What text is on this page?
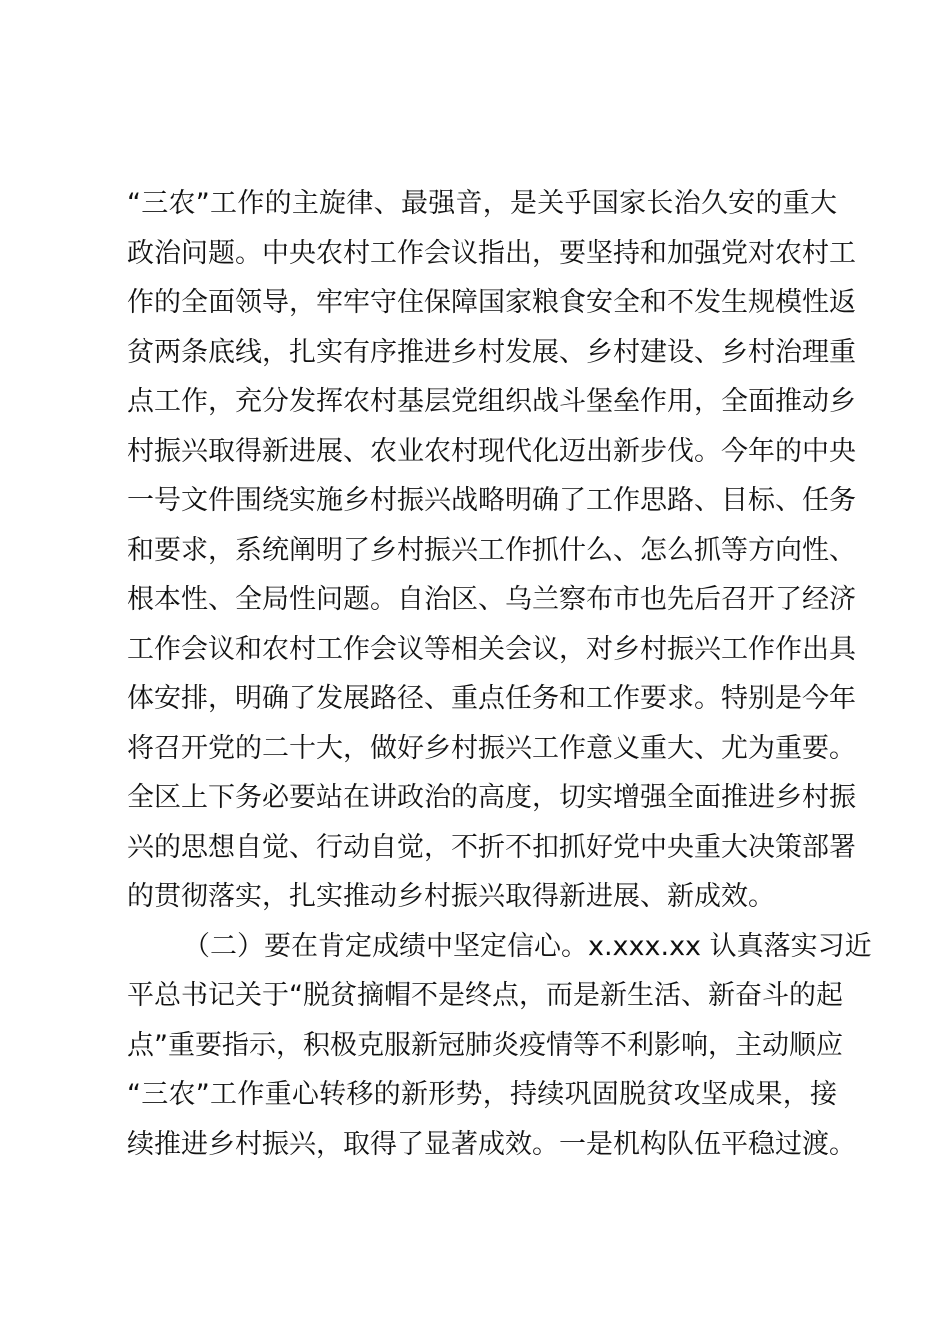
“三农”工作的主旋律、最强音，是关乎国家长治久安的重大
政治问题。中央农村工作会议指出，要坚持和加强党对农村工
作的全面领导，牢牢守住保障国家粮食安全和不发生规模性返
贫两条底线，扎实有序推进乡村发展、乡村建设、乡村治理重
点工作，充分发挥农村基层党组织战斗堡垒作用，全面推动乡
村振兴取得新进展、农业农村现代化迈出新步伐。今年的中央
一号文件围绕实施乡村振兴战略明确了工作思路、目标、任务
和要求，系统阐明了乡村振兴工作抓什么、怎么抓等方向性、
根本性、全局性问题。自治区、乌兰察布市也先后召开了经济
工作会议和农村工作会议等相关会议，对乡村振兴工作作出具
体安排，明确了发展路径、重点任务和工作要求。特别是今年
将召开党的二十大，做好乡村振兴工作意义重大、尤为重要。
全区上下务必要站在讲政治的高度，切实增强全面推进乡村振
兴的思想自觉、行动自觉，不折不扣抓好党中央重大决策部署
的贯彻落实，扎实推动乡村振兴取得新进展、新成效。
（二）要在肯定成绩中坚定信心。x.xxx.xx 认真落实习近
平总书记关于“脱贫摘帽不是终点，而是新生活、新奋斗的起
点”重要指示，积极克服新冠肺炎疫情等不利影响，主动顺应
“三农”工作重心转移的新形势，持续巩固脱贫攻坚成果，接
续推进乡村振兴，取得了显著成效。一是机构队伍平稳过渡。
